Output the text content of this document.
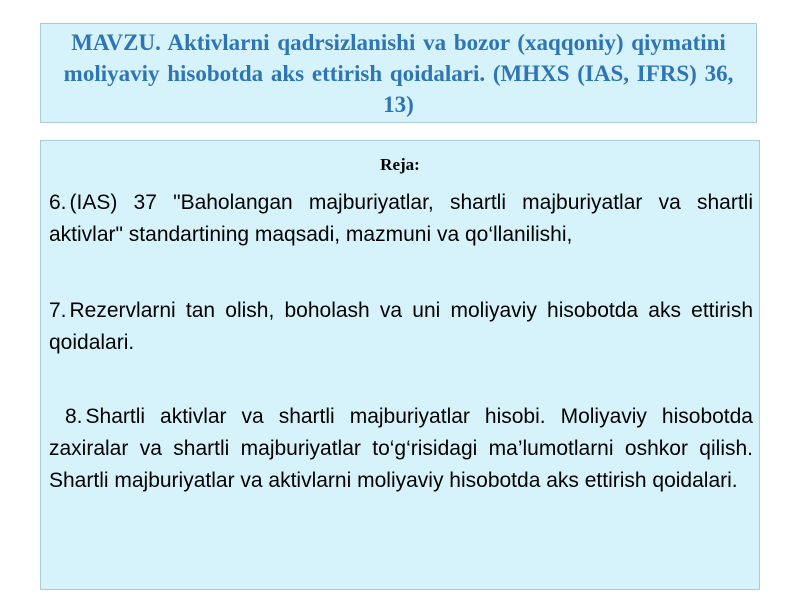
MAVZU. Aktivlarni qadrsizlanishi va bozor (xaqqoniy) qiymatini moliyaviy hisobotda aks ettirish qoidalari. (MHXS (IAS, IFRS) 36, 13)

Reja:

6. (IAS) 37 "Baholangan majburiyatlar, shartli majburiyatlar va shartli aktivlar" standartining maqsadi, mazmuni va qo‘llanilishi,

7. Rezervlarni tan olish, boholash va uni moliyaviy hisobotda aks ettirish qoidalari.

8. Shartli aktivlar va shartli majburiyatlar hisobi. Moliyaviy hisobotda zaxiralar va shartli majburiyatlar to‘g‘risidagi ma’lumotlarni oshkor qilish. Shartli majburiyatlar va aktivlarni moliyaviy hisobotda aks ettirish qoidalari.
